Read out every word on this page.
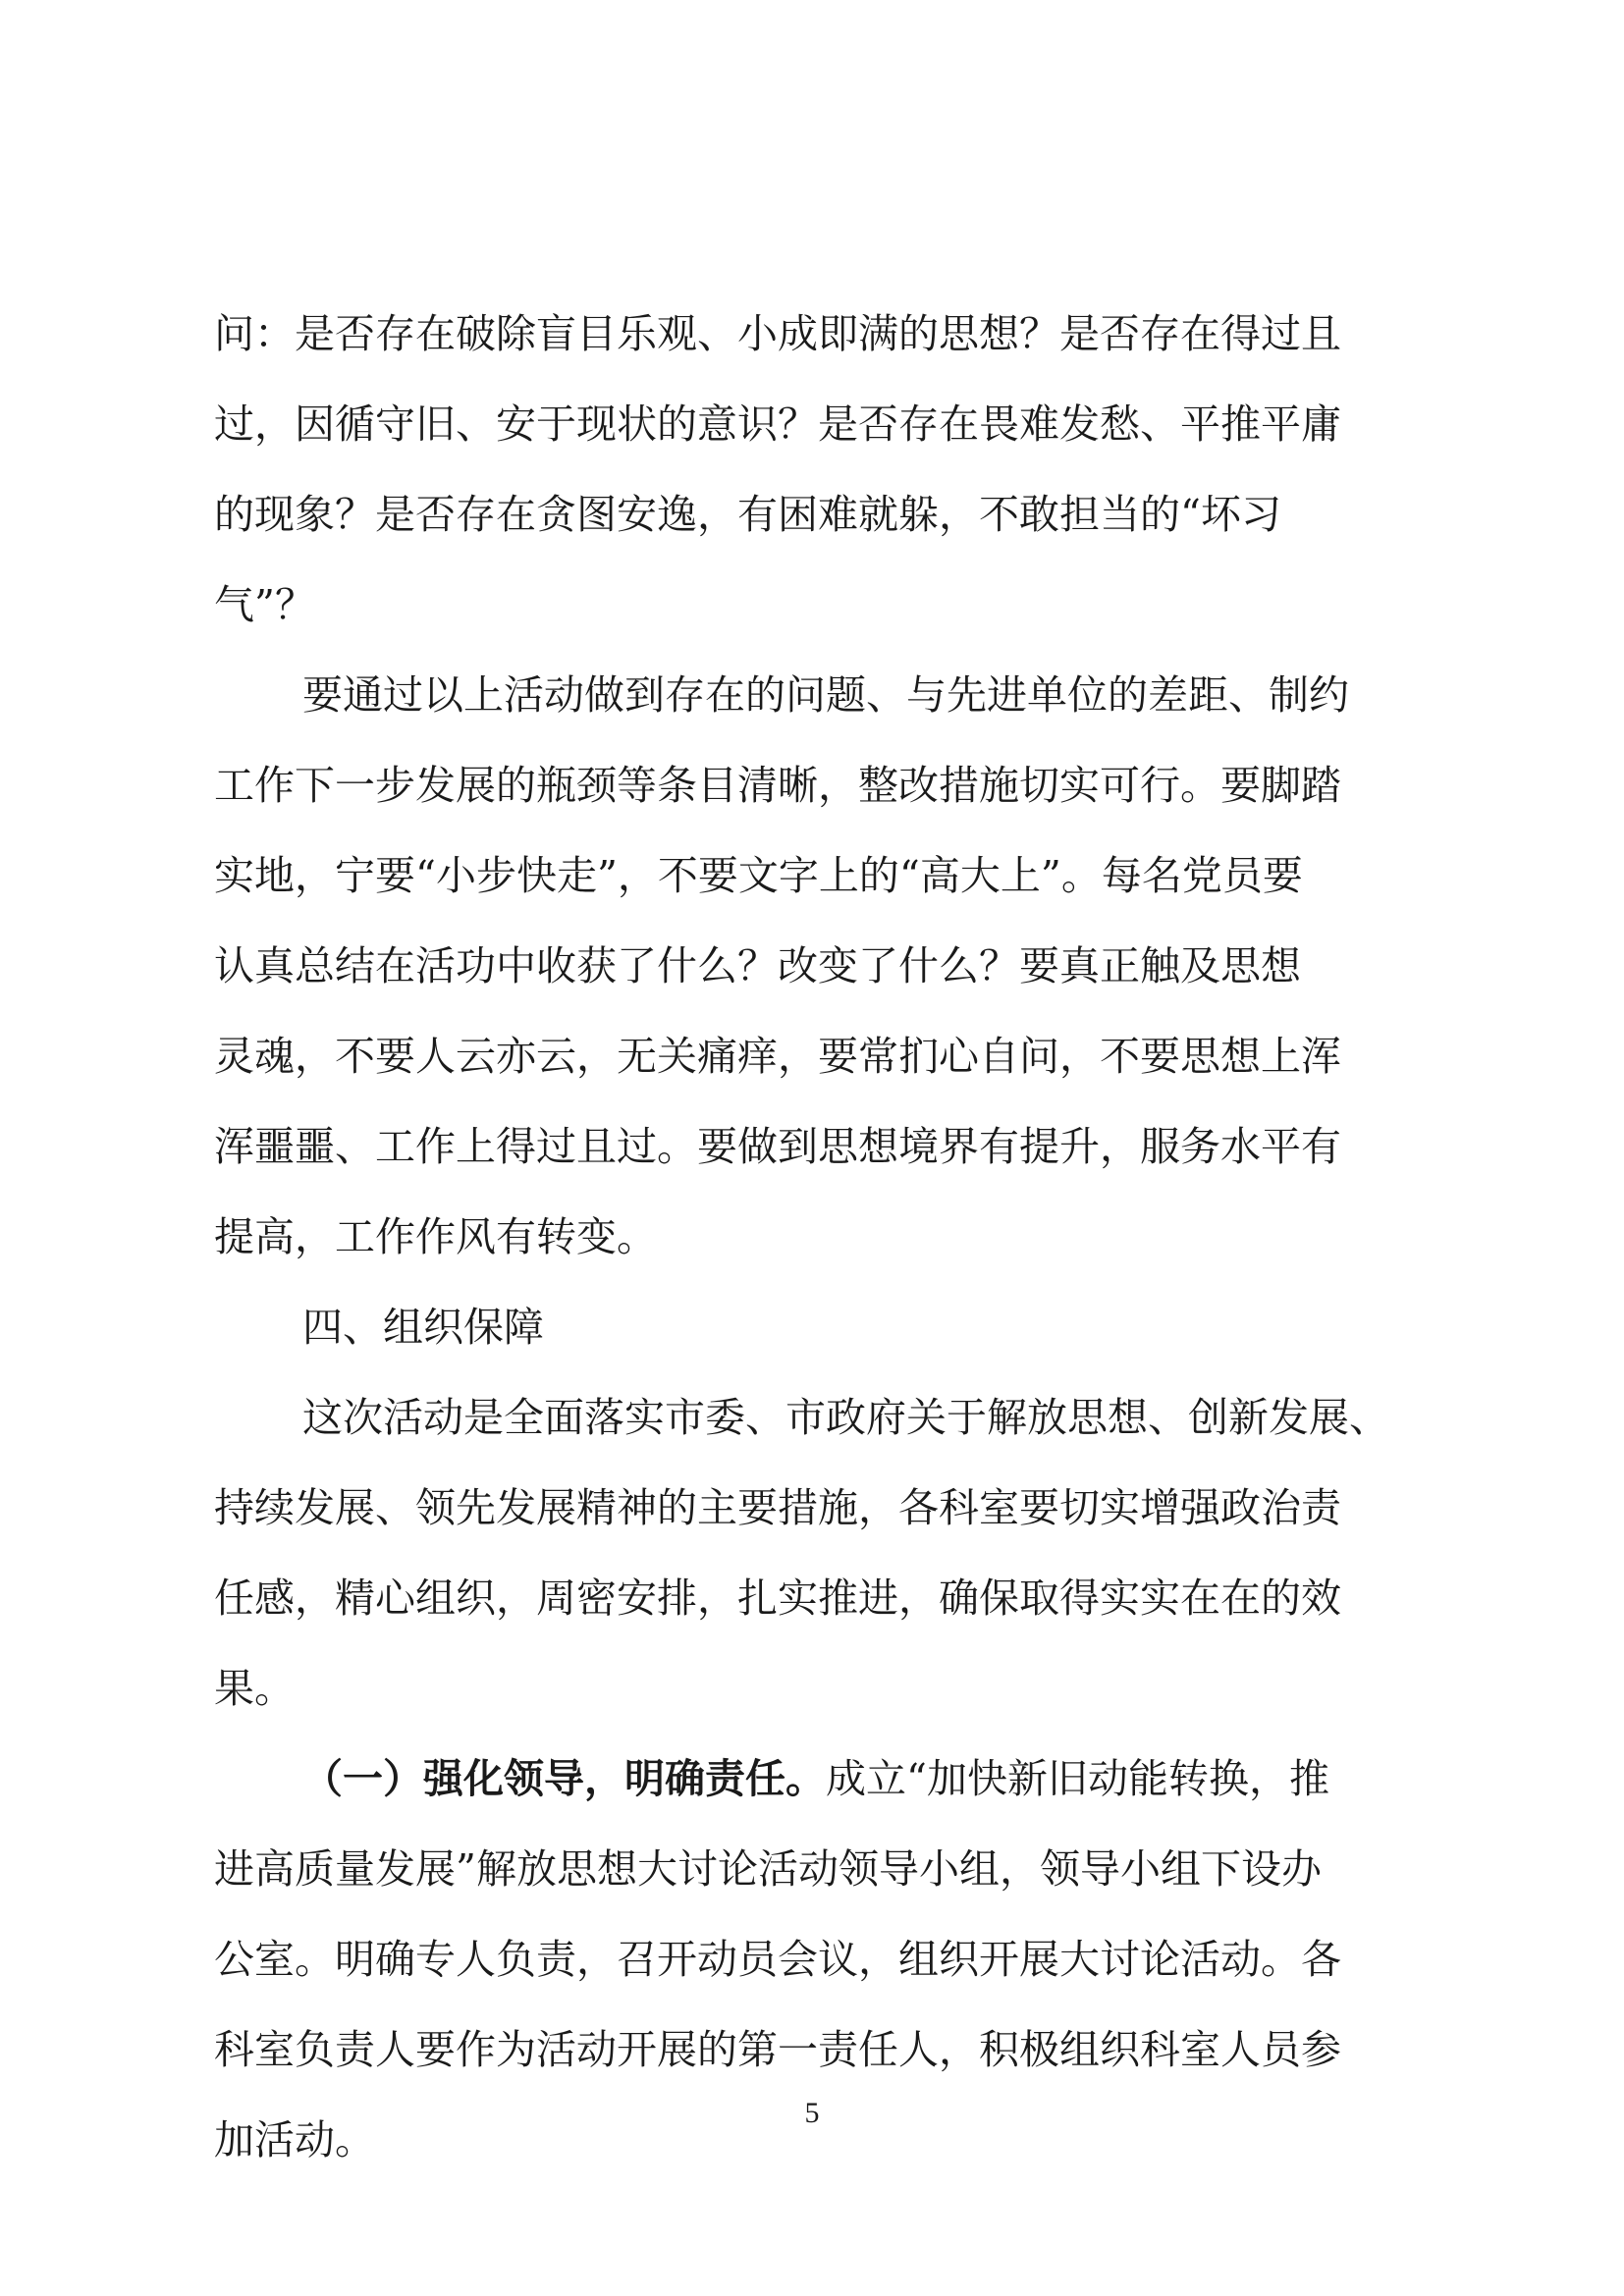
问：是否存在破除盲目乐观、小成即满的思想？是否存在得过且
过，因循守旧、安于现状的意识？是否存在畏难发愁、平推平庸
的现象？是否存在贪图安逸，有困难就躲，不敢担当的“坏习
气”？
要通过以上活动做到存在的问题、与先进单位的差距、制约
工作下一步发展的瓶颈等条目清晰，整改措施切实可行。要脚踏
实地，宁要“小步快走”，不要文字上的“高大上”。每名党员要
认真总结在活功中收获了什么？改变了什么？要真正触及思想
灵魂，不要人云亦云，无关痛痒，要常扪心自问，不要思想上浑
浑噩噩、工作上得过且过。要做到思想境界有提升，服务水平有
提高，工作作风有转变。
四、组织保障
这次活动是全面落实市委、市政府关于解放思想、创新发展、
持续发展、领先发展精神的主要措施，各科室要切实增强政治责
任感，精心组织，周密安排，扎实推进，确保取得实实在在的效
果。
（一）强化领导，明确责任。成立“加快新旧动能转换，推
进高质量发展”解放思想大讨论活动领导小组，领导小组下设办
公室。明确专人负责，召开动员会议，组织开展大讨论活动。各
科室负责人要作为活动开展的第一责任人，积极组织科室人员参
加活动。
5
